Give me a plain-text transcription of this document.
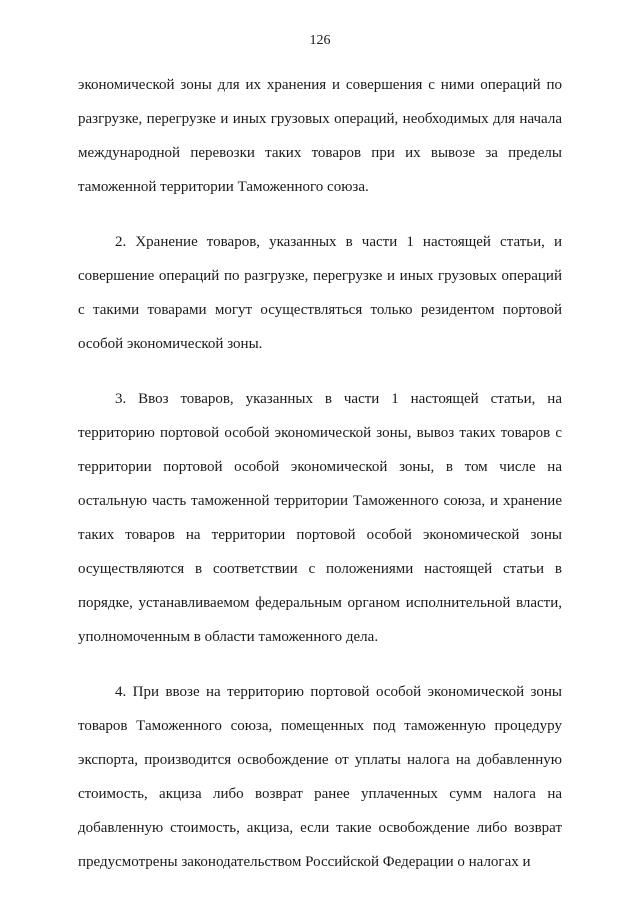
126

экономической зоны для их хранения и совершения с ними операций по разгрузке, перегрузке и иных грузовых операций, необходимых для начала международной перевозки таких товаров при их вывозе за пределы таможенной территории Таможенного союза.

2. Хранение товаров, указанных в части 1 настоящей статьи, и совершение операций по разгрузке, перегрузке и иных грузовых операций с такими товарами могут осуществляться только резидентом портовой особой экономической зоны.

3. Ввоз товаров, указанных в части 1 настоящей статьи, на территорию портовой особой экономической зоны, вывоз таких товаров с территории портовой особой экономической зоны, в том числе на остальную часть таможенной территории Таможенного союза, и хранение таких товаров на территории портовой особой экономической зоны осуществляются в соответствии с положениями настоящей статьи в порядке, устанавливаемом федеральным органом исполнительной власти, уполномоченным в области таможенного дела.

4. При ввозе на территорию портовой особой экономической зоны товаров Таможенного союза, помещенных под таможенную процедуру экспорта, производится освобождение от уплаты налога на добавленную стоимость, акциза либо возврат ранее уплаченных сумм налога на добавленную стоимость, акциза, если такие освобождение либо возврат предусмотрены законодательством Российской Федерации о налогах и
